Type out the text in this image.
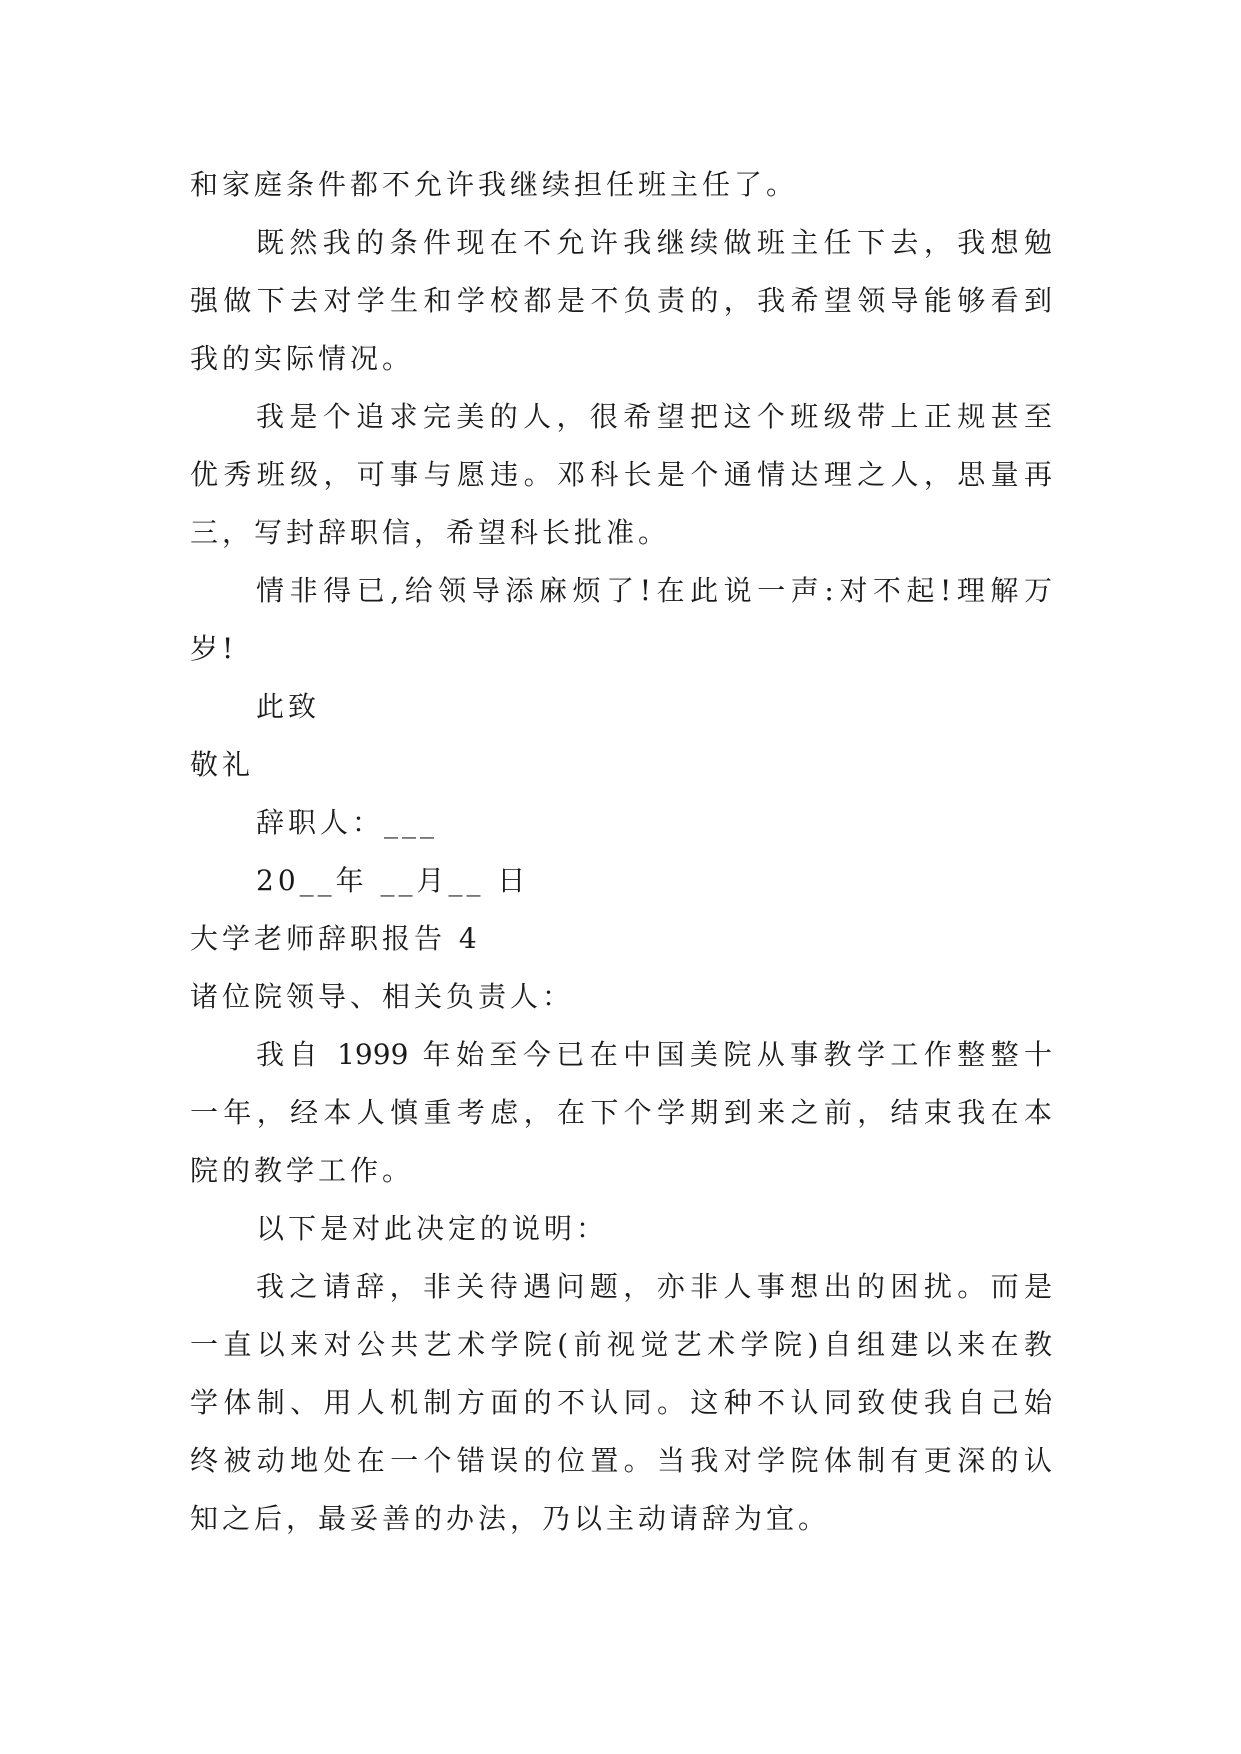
和家庭条件都不允许我继续担任班主任了。

既然我的条件现在不允许我继续做班主任下去，我想勉

强做下去对学生和学校都是不负责的，我希望领导能够看到

我的实际情况。

我是个追求完美的人，很希望把这个班级带上正规甚至

优秀班级，可事与愿违。邓科长是个通情达理之人，思量再

三，写封辞职信，希望科长批准。

情非得已,给领导添麻烦了!在此说一声:对不起!理解万

岁!

此致

敬礼

辞职人：___

20__年 __月__ 日

大学老师辞职报告 4

诸位院领导、相关负责人：

我自 1999 年始至今已在中国美院从事教学工作整整十

一年，经本人慎重考虑，在下个学期到来之前，结束我在本

院的教学工作。

以下是对此决定的说明：

我之请辞，非关待遇问题，亦非人事想出的困扰。而是

一直以来对公共艺术学院(前视觉艺术学院)自组建以来在教

学体制、用人机制方面的不认同。这种不认同致使我自己始

终被动地处在一个错误的位置。当我对学院体制有更深的认

知之后，最妥善的办法，乃以主动请辞为宜。
